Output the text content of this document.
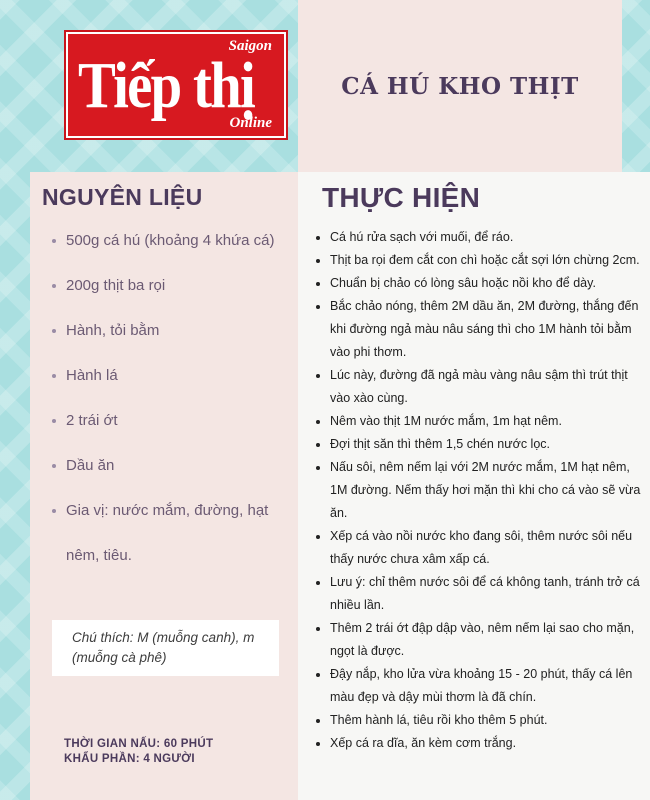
Saigon
Tiếp thị
Online
CÁ HÚ KHO THỊT
NGUYÊN LIỆU
500g cá hú (khoảng 4 khứa cá)
200g thịt ba rọi
Hành, tỏi bằm
Hành lá
2 trái ớt
Dầu ăn
Gia vị: nước mắm, đường, hạt nêm, tiêu.
Chú thích: M (muỗng canh), m (muỗng cà phê)
THỜI GIAN NẤU: 60 PHÚT
KHẨU PHẦN: 4 NGƯỜI
THỰC HIỆN
Cá hú rửa sạch với muối, để ráo.
Thịt ba rọi đem cắt con chì hoặc cắt sợi lớn chừng 2cm.
Chuẩn bị chảo có lòng sâu hoặc nồi kho để dày.
Bắc chảo nóng, thêm 2M dầu ăn, 2M đường, thắng đến khi đường ngả màu nâu sáng thì cho 1M hành tỏi bằm vào phi thơm.
Lúc này, đường đã ngả màu vàng nâu sậm thì trút thịt vào xào cùng.
Nêm vào thịt 1M nước mắm, 1m hạt nêm.
Đợi thịt săn thì thêm 1,5 chén nước lọc.
Nấu sôi, nêm nếm lại với 2M nước mắm, 1M hạt nêm, 1M đường. Nếm thấy hơi mặn thì khi cho cá vào sẽ vừa ăn.
Xếp cá vào nồi nước kho đang sôi, thêm nước sôi nếu thấy nước chưa xâm xấp cá.
Lưu ý: chỉ thêm nước sôi để cá không tanh, tránh trở cá nhiều lần.
Thêm 2 trái ớt đập dập vào, nêm nếm lại sao cho mặn, ngọt là được.
Đậy nắp, kho lửa vừa khoảng 15 - 20 phút, thấy cá lên màu đẹp và dậy mùi thơm là đã chín.
Thêm hành lá, tiêu rồi kho thêm 5 phút.
Xếp cá ra dĩa, ăn kèm cơm trắng.
